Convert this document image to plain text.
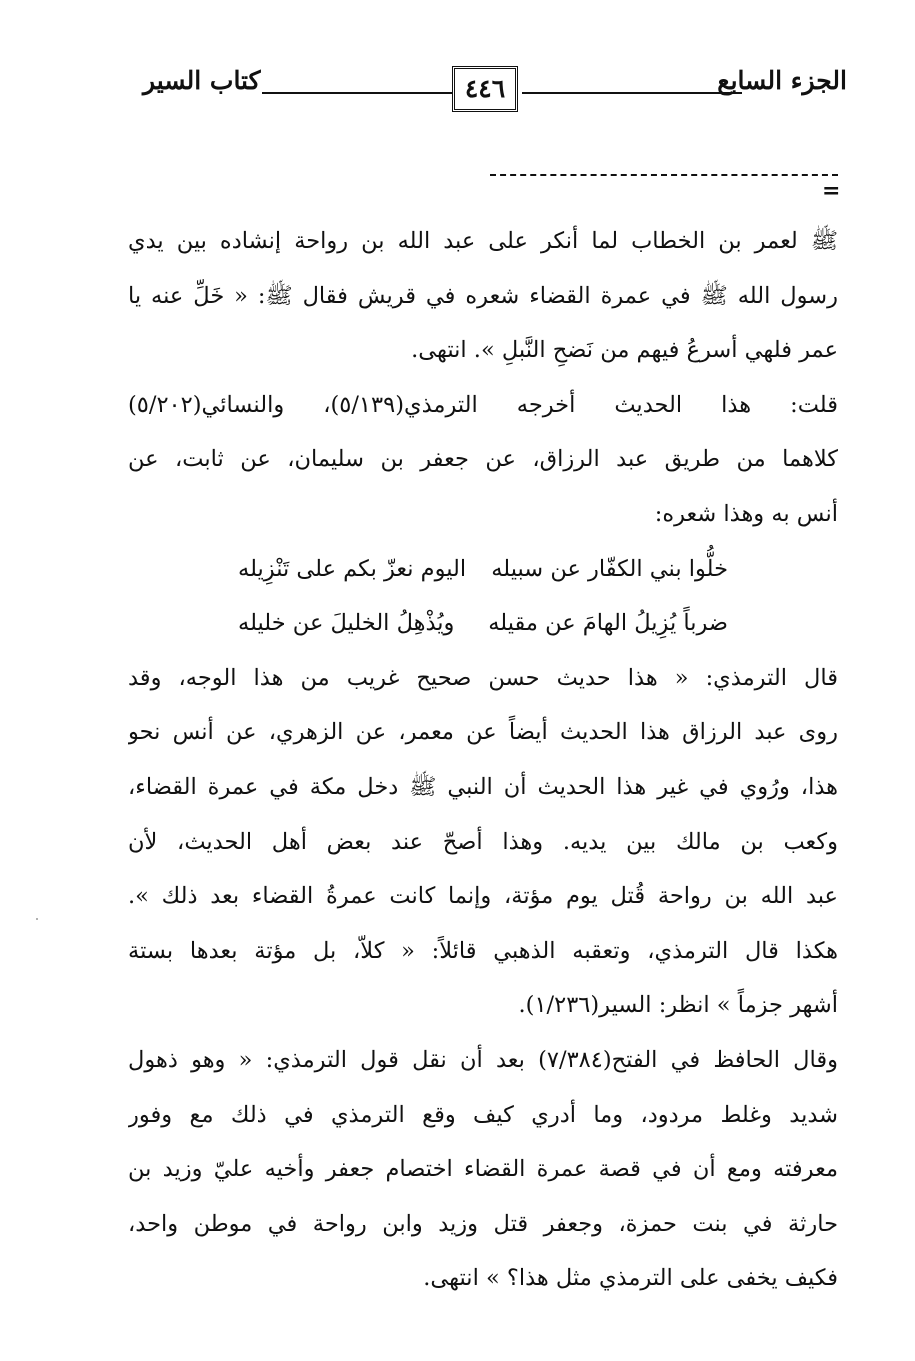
الجزء السابع
٤٤٦
كتاب السير
=
ﷺ لعمر بن الخطاب لما أنكر على عبد الله بن رواحة إنشاده بين يدي
رسول الله ﷺ في عمرة القضاء شعره في قريش فقال ﷺ: « خَلِّ عنه يا
عمر فلهي أسرعُ فيهم من نَضحِ النَّبلِ ». انتهى.
قلت: هذا الحديث أخرجه الترمذي(٥/١٣٩)، والنسائي(٥/٢٠٢)
كلاهما من طريق عبد الرزاق، عن جعفر بن سليمان، عن ثابت، عن
أنس به وهذا شعره:
خلُّوا بني الكفّار عن سبيله
اليوم نعزّ بكم على تَنْزِيله
ضرباً يُزِيلُ الهامَ عن مقيله
ويُذْهِلُ الخليلَ عن خليله
قال الترمذي: « هذا حديث حسن صحيح غريب من هذا الوجه، وقد
روى عبد الرزاق هذا الحديث أيضاً عن معمر، عن الزهري، عن أنس نحو
هذا، ورُوي في غير هذا الحديث أن النبي ﷺ دخل مكة في عمرة القضاء،
وكعب بن مالك بين يديه. وهذا أصحّ عند بعض أهل الحديث، لأن
عبد الله بن رواحة قُتل يوم مؤتة، وإنما كانت عمرةُ القضاء بعد ذلك ».
هكذا قال الترمذي، وتعقبه الذهبي قائلاً: « كلاّ، بل مؤتة بعدها بستة
أشهر جزماً » انظر: السير(١/٢٣٦).
وقال الحافظ في الفتح(٧/٣٨٤) بعد أن نقل قول الترمذي: « وهو ذهول
شديد وغلط مردود، وما أدري كيف وقع الترمذي في ذلك مع وفور
معرفته ومع أن في قصة عمرة القضاء اختصام جعفر وأخيه عليّ وزيد بن
حارثة في بنت حمزة، وجعفر قتل وزيد وابن رواحة في موطن واحد،
فكيف يخفى على الترمذي مثل هذا؟ » انتهى.
